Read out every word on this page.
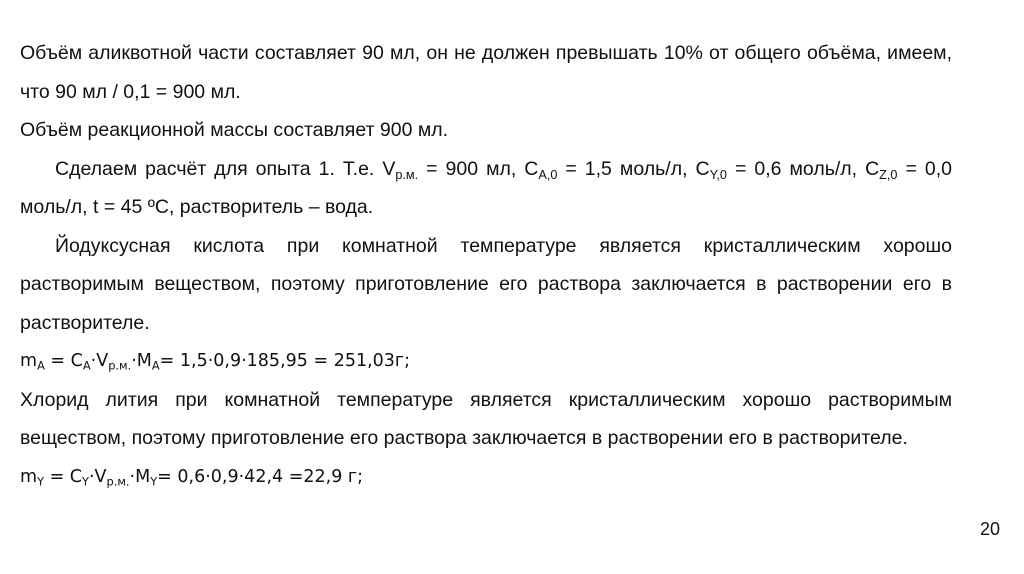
Объём аликвотной части составляет 90 мл, он не должен превышать 10% от общего объёма, имеем, что 90 мл / 0,1 = 900 мл.

Объём реакционной массы составляет 900 мл.

Сделаем расчёт для опыта 1. Т.е. $V_{р.м.} = 900$ мл, $C_{A,0} = 1,5$ моль/л, $C_{Y,0} = 0,6$ моль/л, $C_{Z,0} = 0,0$ моль/л, t = 45 ºС, растворитель – вода.

Йодуксусная кислота при комнатной температуре является кристаллическим хорошо растворимым веществом, поэтому приготовление его раствора заключается в растворении его в растворителе.

$m_A = C_A\cdot V_{р.м.}\cdot M_A= 1,5\cdot 0,9\cdot 185,95 = 251,03г$;

Хлорид лития при комнатной температуре является кристаллическим хорошо растворимым веществом, поэтому приготовление его раствора заключается в растворении его в растворителе.

$m_Y = C_Y\cdot V_{р.м.}\cdot M_Y= 0,6\cdot 0,9\cdot 42,4 =22,9$ г;

20
